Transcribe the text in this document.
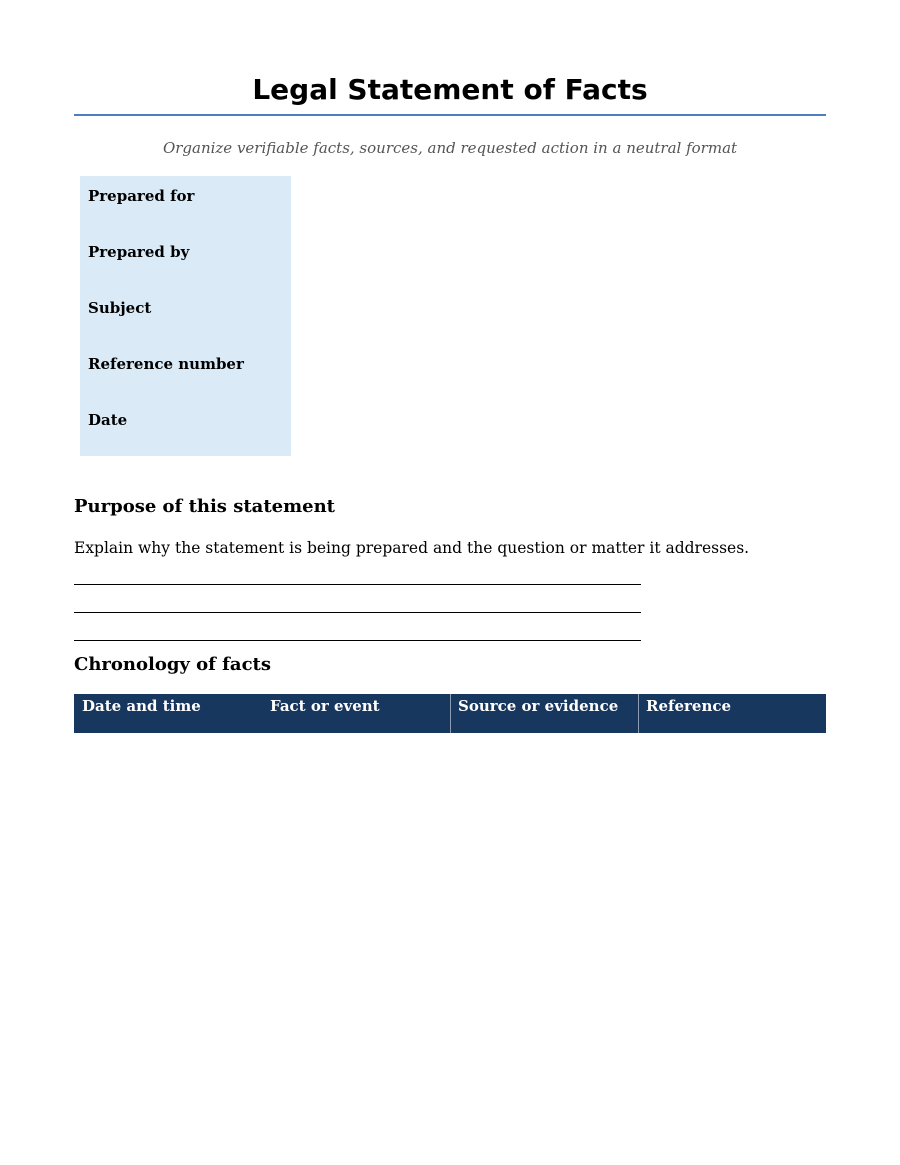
Legal Statement of Facts
Organize verifiable facts, sources, and requested action in a neutral format
Prepared for
Prepared by
Subject
Reference number
Date
Purpose of this statement
Explain why the statement is being prepared and the question or matter it addresses.
Chronology of facts
Date and time	Fact or event	Source or evidence	Reference
